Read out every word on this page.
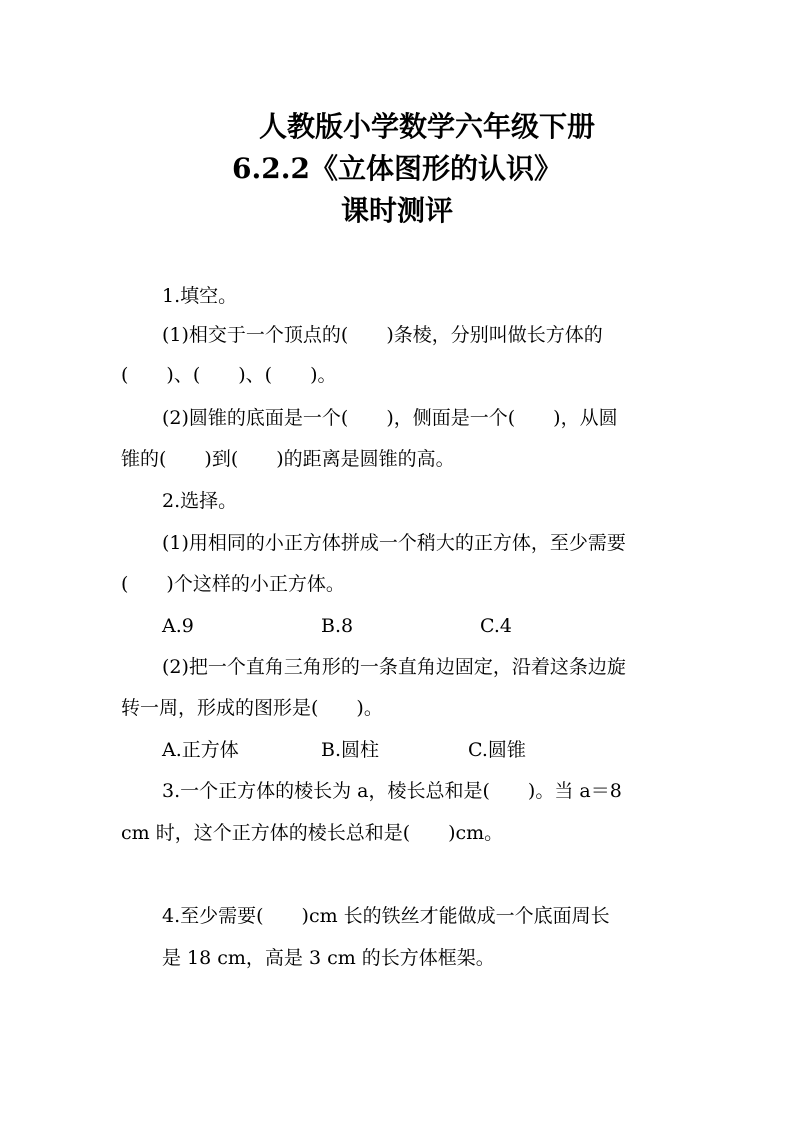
人教版小学数学六年级下册
6.2.2《立体图形的认识》
课时测评
1.填空。
(1)相交于一个顶点的(　　)条棱，分别叫做长方体的
(　　)、(　　)、(　　)。
(2)圆锥的底面是一个(　　)，侧面是一个(　　)，从圆
锥的(　　)到(　　)的距离是圆锥的高。
2.选择。
(1)用相同的小正方体拼成一个稍大的正方体，至少需要
(　　)个这样的小正方体。
A.9	B.8	C.4
(2)把一个直角三角形的一条直角边固定，沿着这条边旋
转一周，形成的图形是(　　)。
A.正方体	B.圆柱	C.圆锥
3.一个正方体的棱长为 a，棱长总和是(　　)。当 a＝8
cm 时，这个正方体的棱长总和是(　　)cm。
4.至少需要(　　)cm 长的铁丝才能做成一个底面周长
是 18 cm，高是 3 cm 的长方体框架。
